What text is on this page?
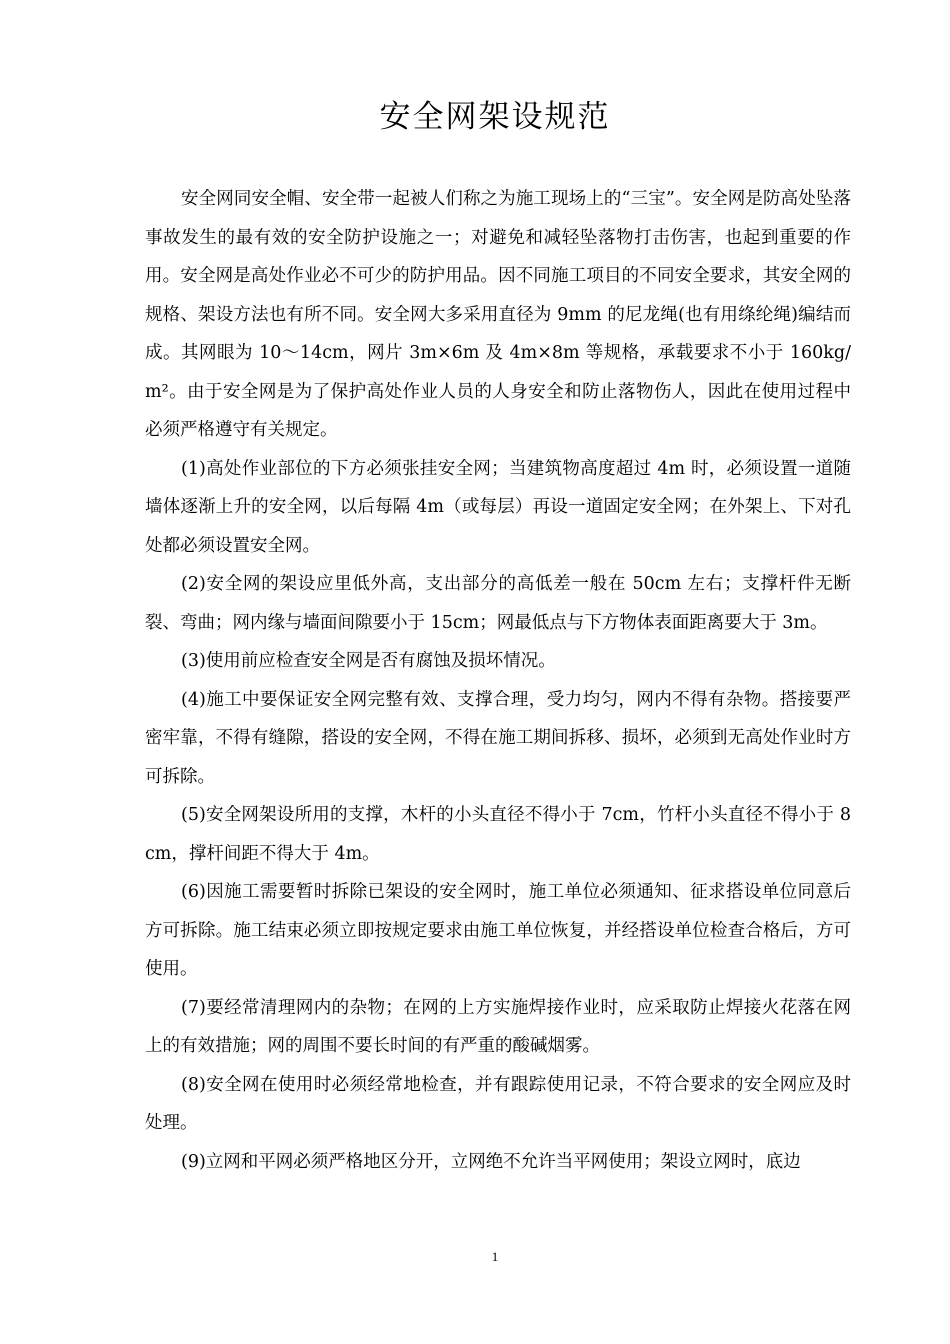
安全网架设规范

安全网同安全帽、安全带一起被人们称之为施工现场上的“三宝”。安全网是防高处坠落事故发生的最有效的安全防护设施之一；对避免和减轻坠落物打击伤害，也起到重要的作用。安全网是高处作业必不可少的防护用品。因不同施工项目的不同安全要求，其安全网的规格、架设方法也有所不同。安全网大多采用直径为 9mm 的尼龙绳(也有用绦纶绳)编结而成。其网眼为 10～14cm，网片 3m×6m 及 4m×8m 等规格，承载要求不小于 160kg/m²。由于安全网是为了保护高处作业人员的人身安全和防止落物伤人，因此在使用过程中必须严格遵守有关规定。

(1)高处作业部位的下方必须张挂安全网；当建筑物高度超过 4m 时，必须设置一道随墙体逐渐上升的安全网，以后每隔 4m（或每层）再设一道固定安全网；在外架上、下对孔处都必须设置安全网。

(2)安全网的架设应里低外高，支出部分的高低差一般在 50cm 左右；支撑杆件无断裂、弯曲；网内缘与墙面间隙要小于 15cm；网最低点与下方物体表面距离要大于 3m。

(3)使用前应检查安全网是否有腐蚀及损坏情况。

(4)施工中要保证安全网完整有效、支撑合理，受力均匀，网内不得有杂物。搭接要严密牢靠，不得有缝隙，搭设的安全网，不得在施工期间拆移、损坏，必须到无高处作业时方可拆除。

(5)安全网架设所用的支撑，木杆的小头直径不得小于 7cm，竹杆小头直径不得小于 8cm，撑杆间距不得大于 4m。

(6)因施工需要暂时拆除已架设的安全网时，施工单位必须通知、征求搭设单位同意后方可拆除。施工结束必须立即按规定要求由施工单位恢复，并经搭设单位检查合格后，方可使用。

(7)要经常清理网内的杂物；在网的上方实施焊接作业时，应采取防止焊接火花落在网上的有效措施；网的周围不要长时间的有严重的酸碱烟雾。

(8)安全网在使用时必须经常地检查，并有跟踪使用记录，不符合要求的安全网应及时处理。

(9)立网和平网必须严格地区分开，立网绝不允许当平网使用；架设立网时，底边

1
